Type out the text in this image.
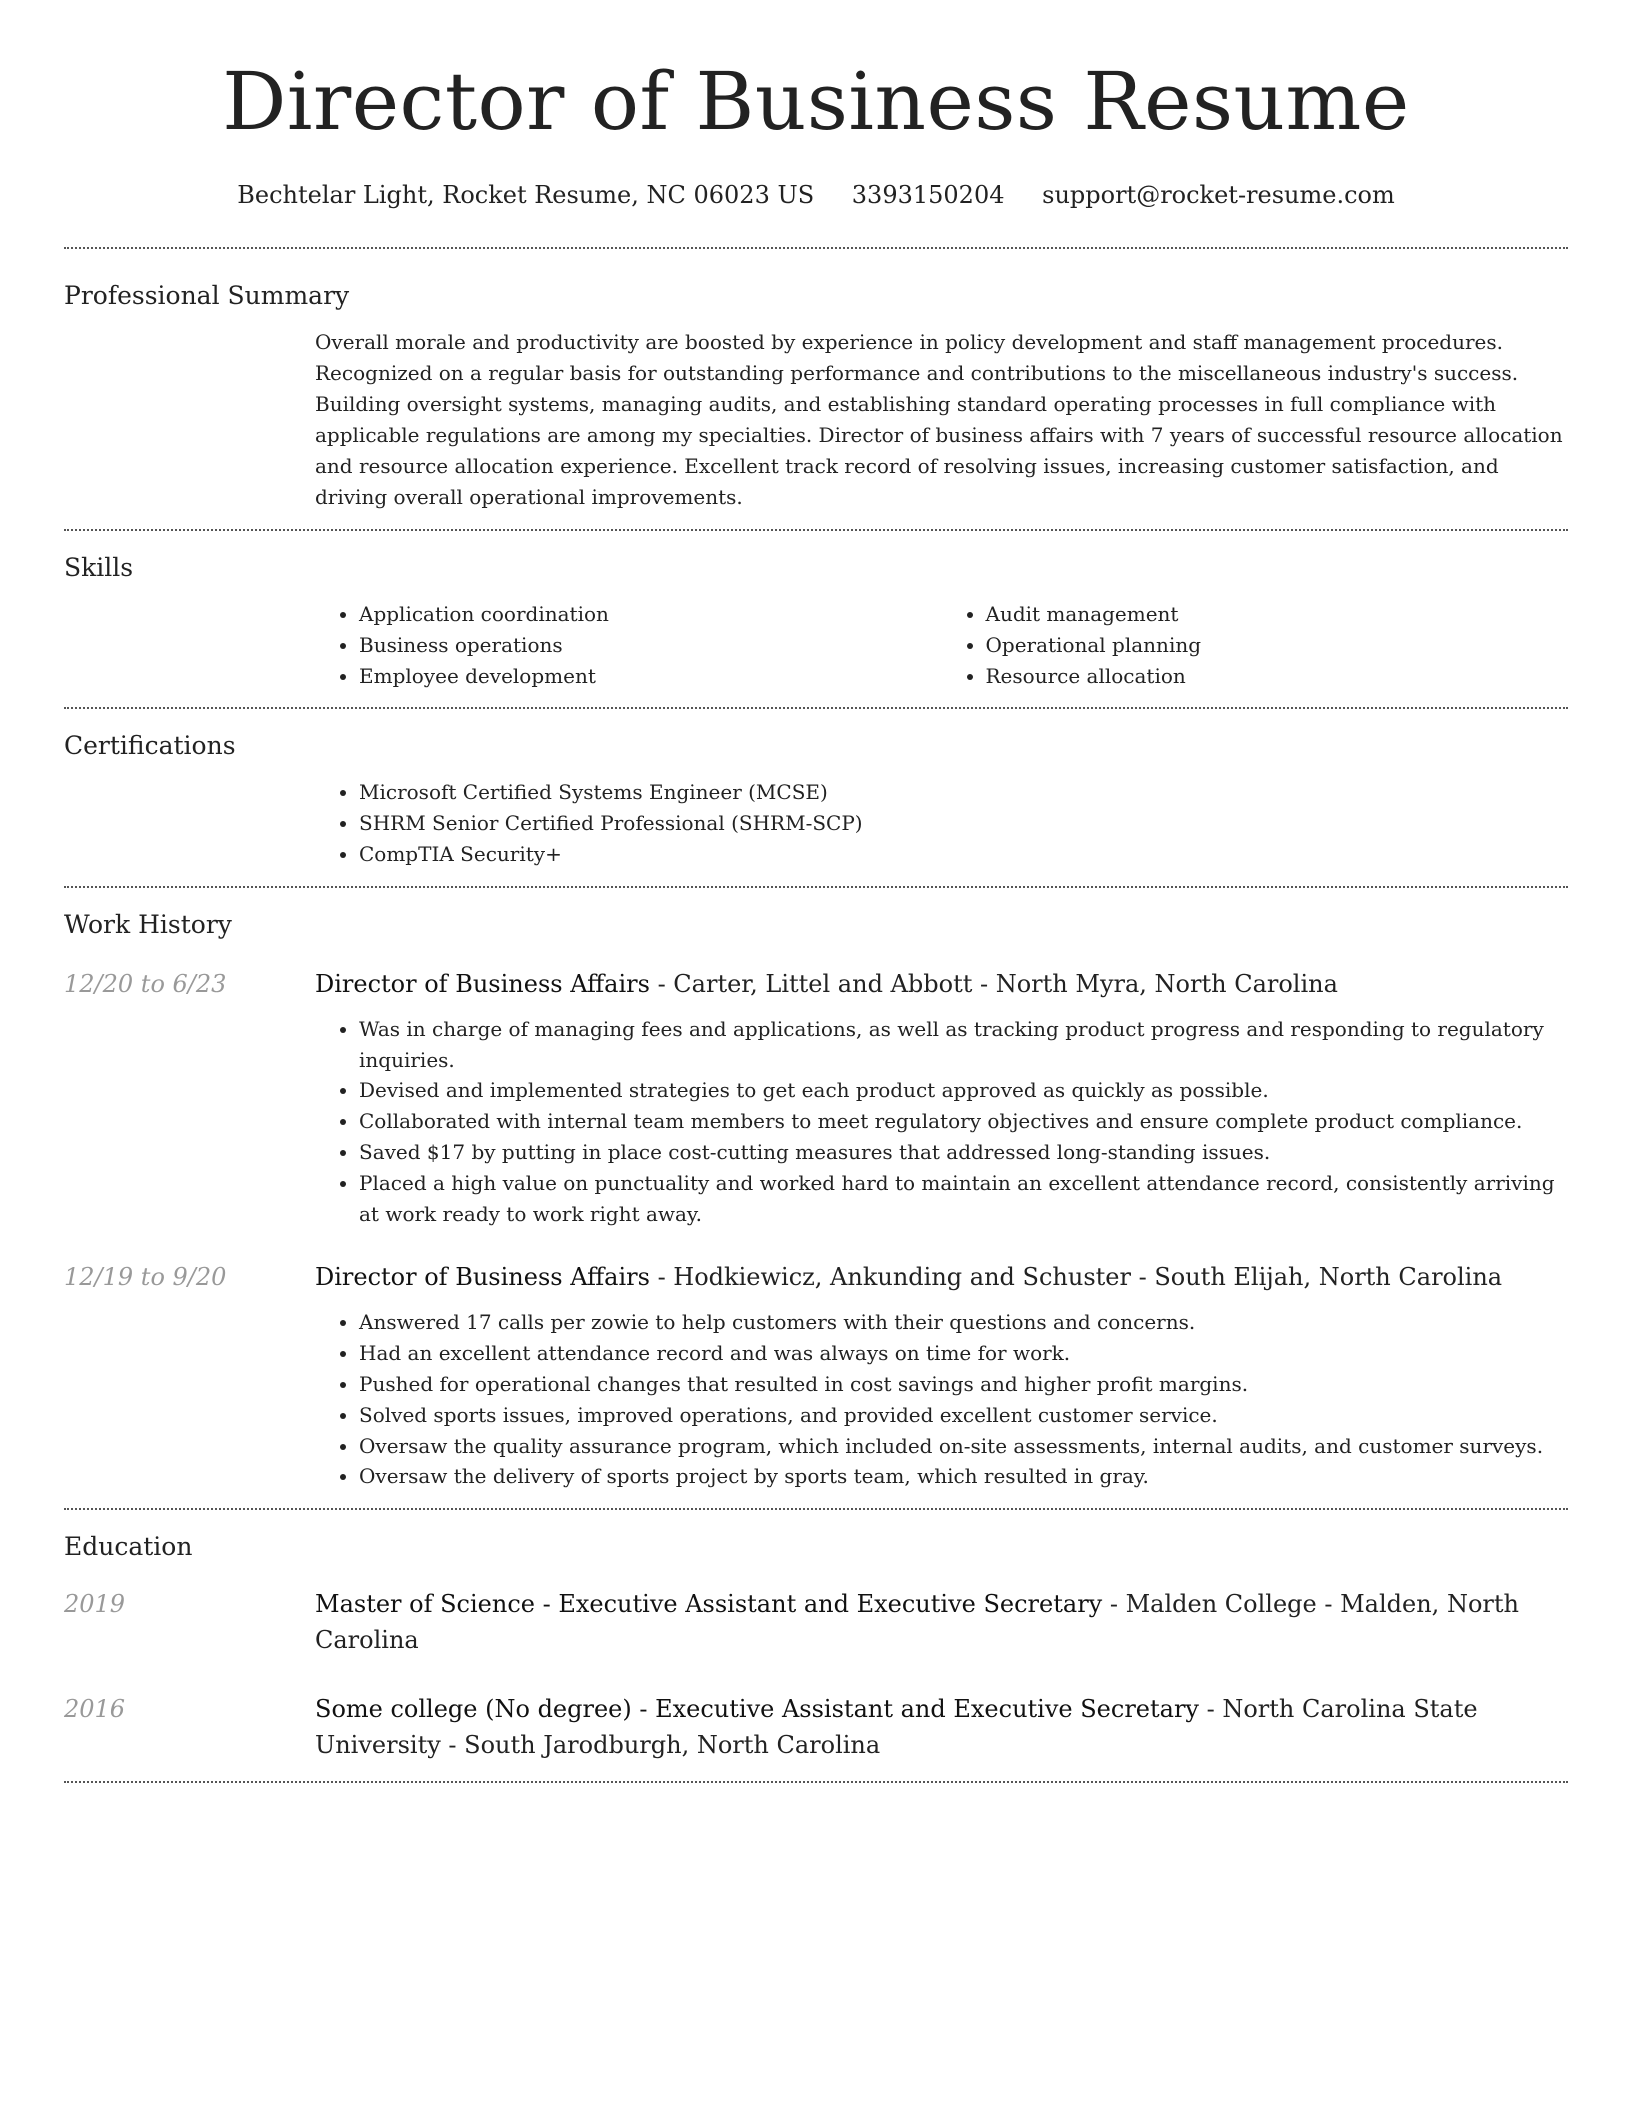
Director of Business Resume
Bechtelar Light, Rocket Resume, NC 06023 US 3393150204 support@rocket-resume.com
Professional Summary
Overall morale and productivity are boosted by experience in policy development and staff management procedures. Recognized on a regular basis for outstanding performance and contributions to the miscellaneous industry's success. Building oversight systems, managing audits, and establishing standard operating processes in full compliance with applicable regulations are among my specialties. Director of business affairs with 7 years of successful resource allocation and resource allocation experience. Excellent track record of resolving issues, increasing customer satisfaction, and driving overall operational improvements.
Skills
• Application coordination
• Business operations
• Employee development
• Audit management
• Operational planning
• Resource allocation
Certifications
• Microsoft Certified Systems Engineer (MCSE)
• SHRM Senior Certified Professional (SHRM-SCP)
• CompTIA Security+
Work History
12/20 to 6/23	Director of Business Affairs - Carter, Littel and Abbott - North Myra, North Carolina
• Was in charge of managing fees and applications, as well as tracking product progress and responding to regulatory inquiries.
• Devised and implemented strategies to get each product approved as quickly as possible.
• Collaborated with internal team members to meet regulatory objectives and ensure complete product compliance.
• Saved $17 by putting in place cost-cutting measures that addressed long-standing issues.
• Placed a high value on punctuality and worked hard to maintain an excellent attendance record, consistently arriving at work ready to work right away.
12/19 to 9/20	Director of Business Affairs - Hodkiewicz, Ankunding and Schuster - South Elijah, North Carolina
• Answered 17 calls per zowie to help customers with their questions and concerns.
• Had an excellent attendance record and was always on time for work.
• Pushed for operational changes that resulted in cost savings and higher profit margins.
• Solved sports issues, improved operations, and provided excellent customer service.
• Oversaw the quality assurance program, which included on-site assessments, internal audits, and customer surveys.
• Oversaw the delivery of sports project by sports team, which resulted in gray.
Education
2019	Master of Science - Executive Assistant and Executive Secretary - Malden College - Malden, North Carolina
2016	Some college (No degree) - Executive Assistant and Executive Secretary - North Carolina State University - South Jarodburgh, North Carolina
